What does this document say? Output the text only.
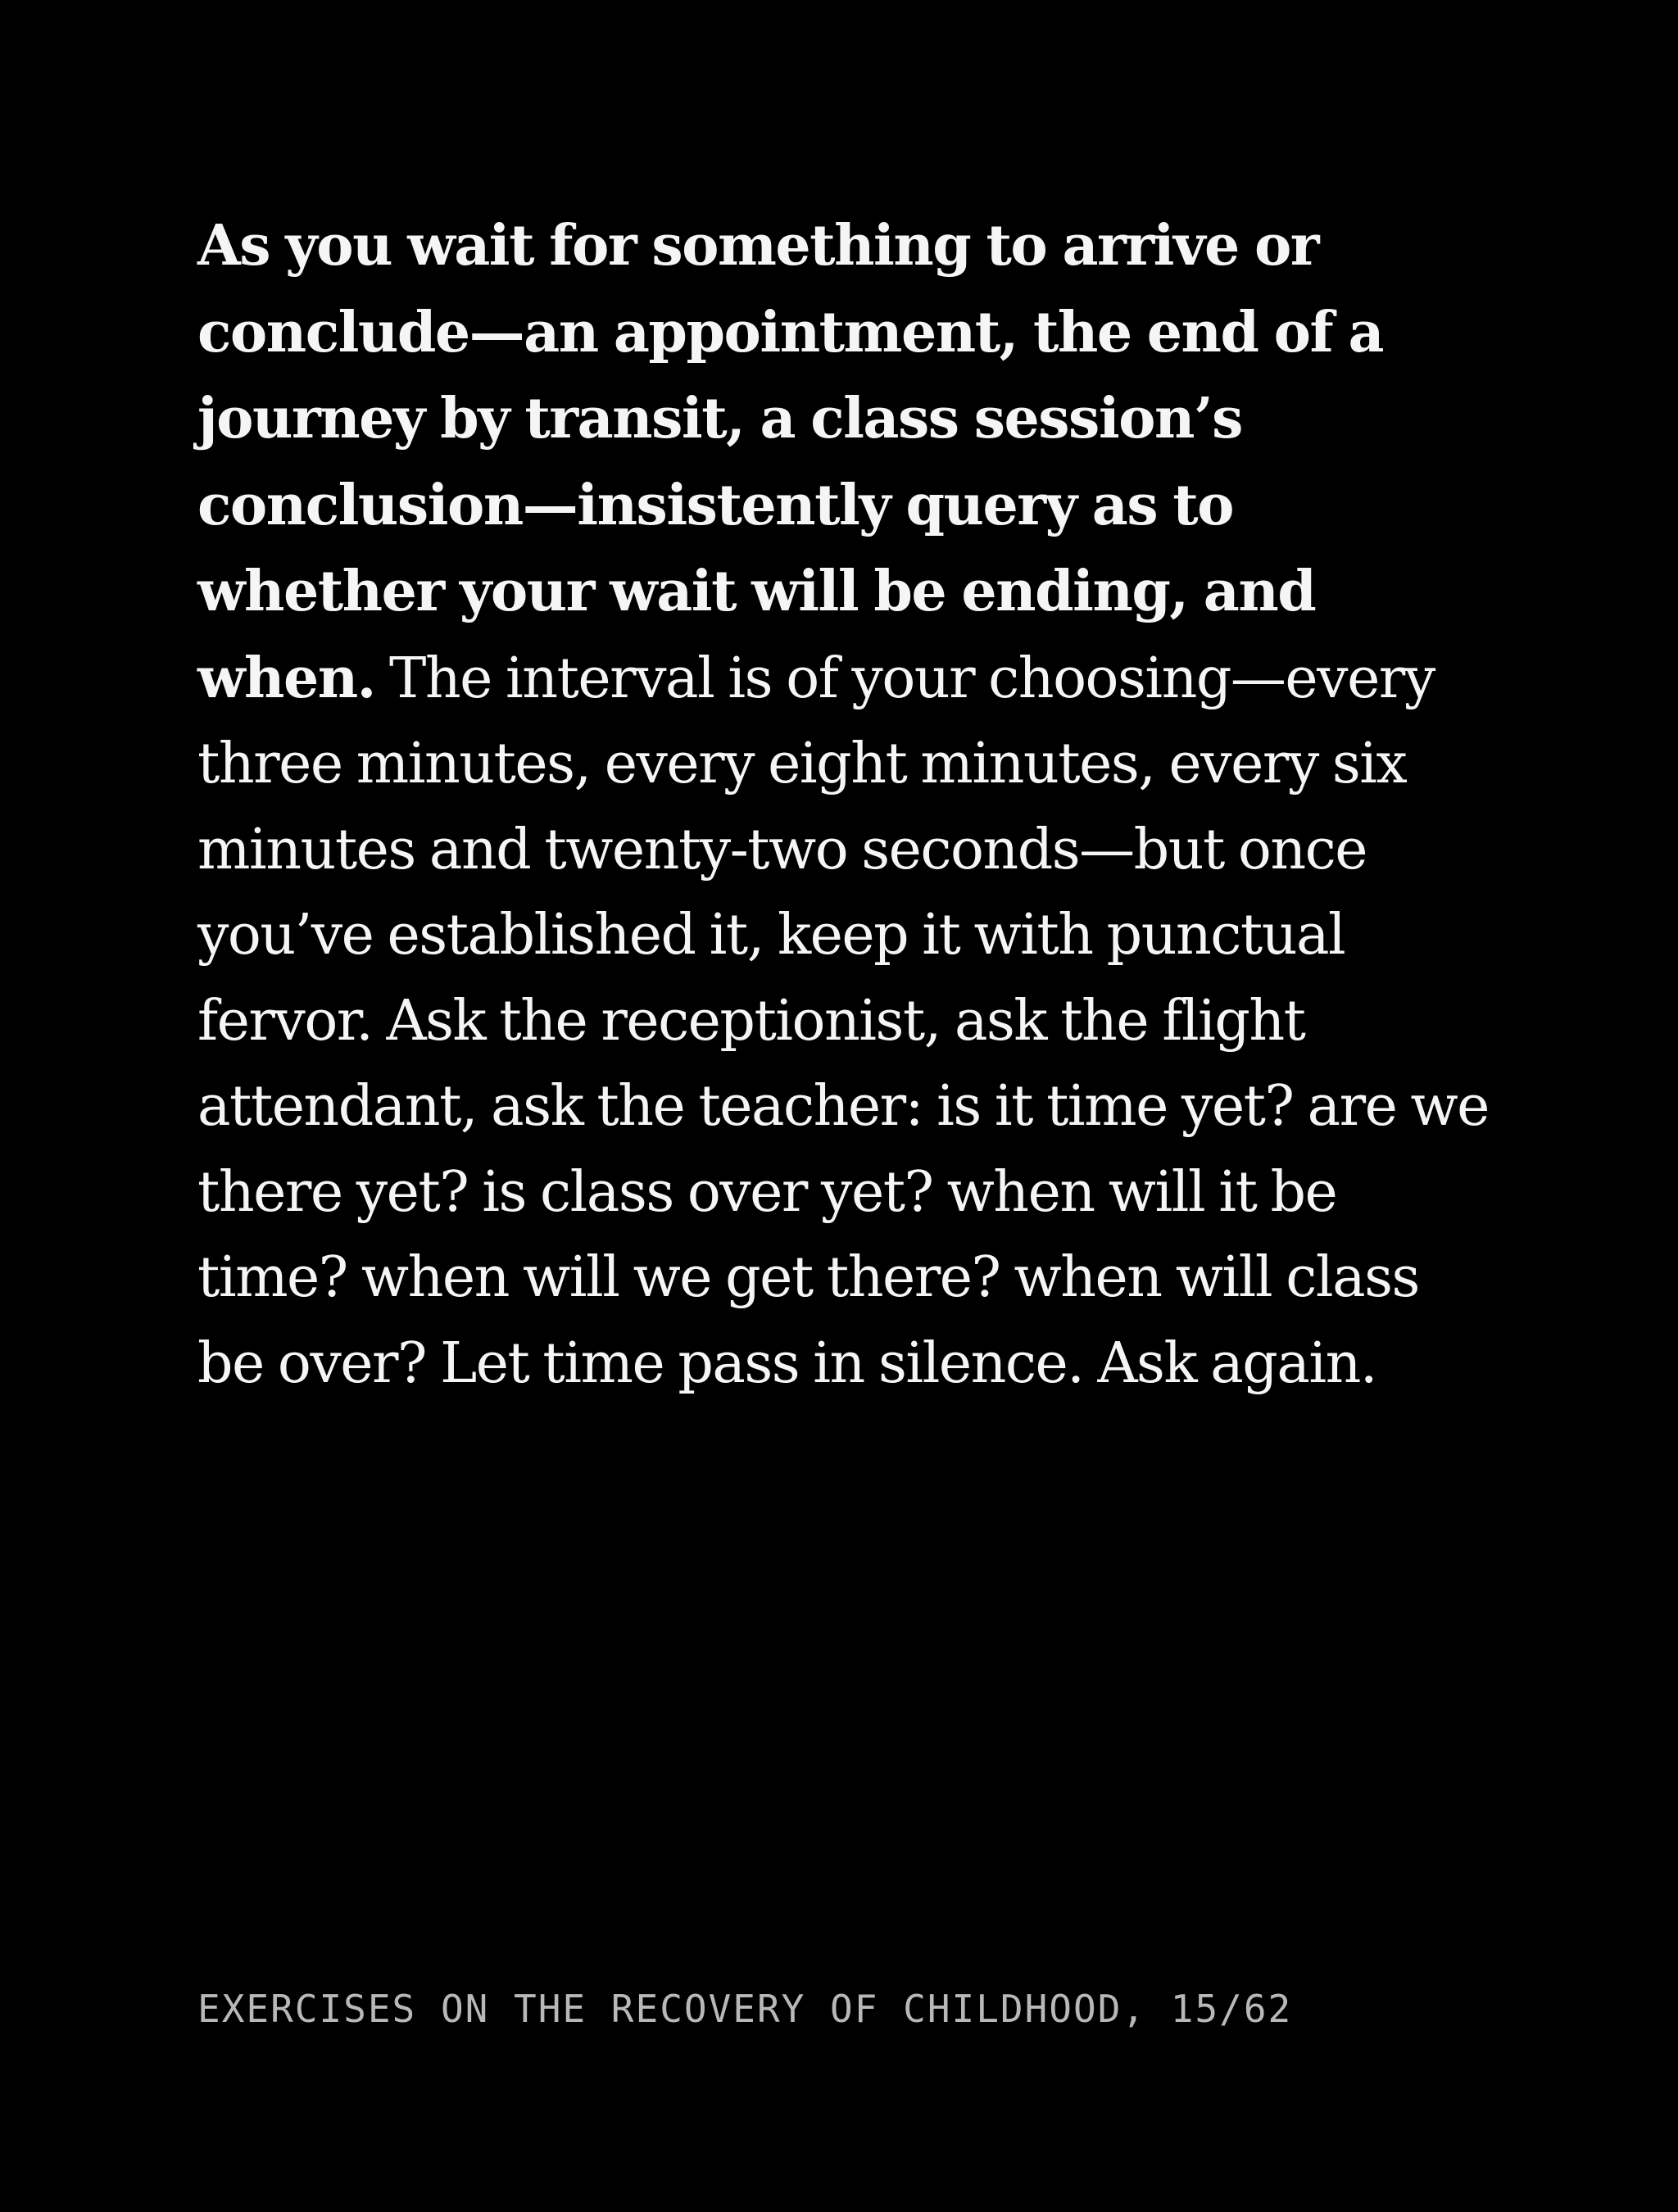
As you wait for something to arrive or conclude—an appointment, the end of a journey by transit, a class session’s conclusion—insistently query as to whether your wait will be ending, and when. The interval is of your choosing—every three minutes, every eight minutes, every six minutes and twenty-two seconds—but once you’ve established it, keep it with punctual fervor. Ask the receptionist, ask the flight attendant, ask the teacher: is it time yet? are we there yet? is class over yet? when will it be time? when will we get there? when will class be over? Let time pass in silence. Ask again.

EXERCISES ON THE RECOVERY OF CHILDHOOD, 15/62
